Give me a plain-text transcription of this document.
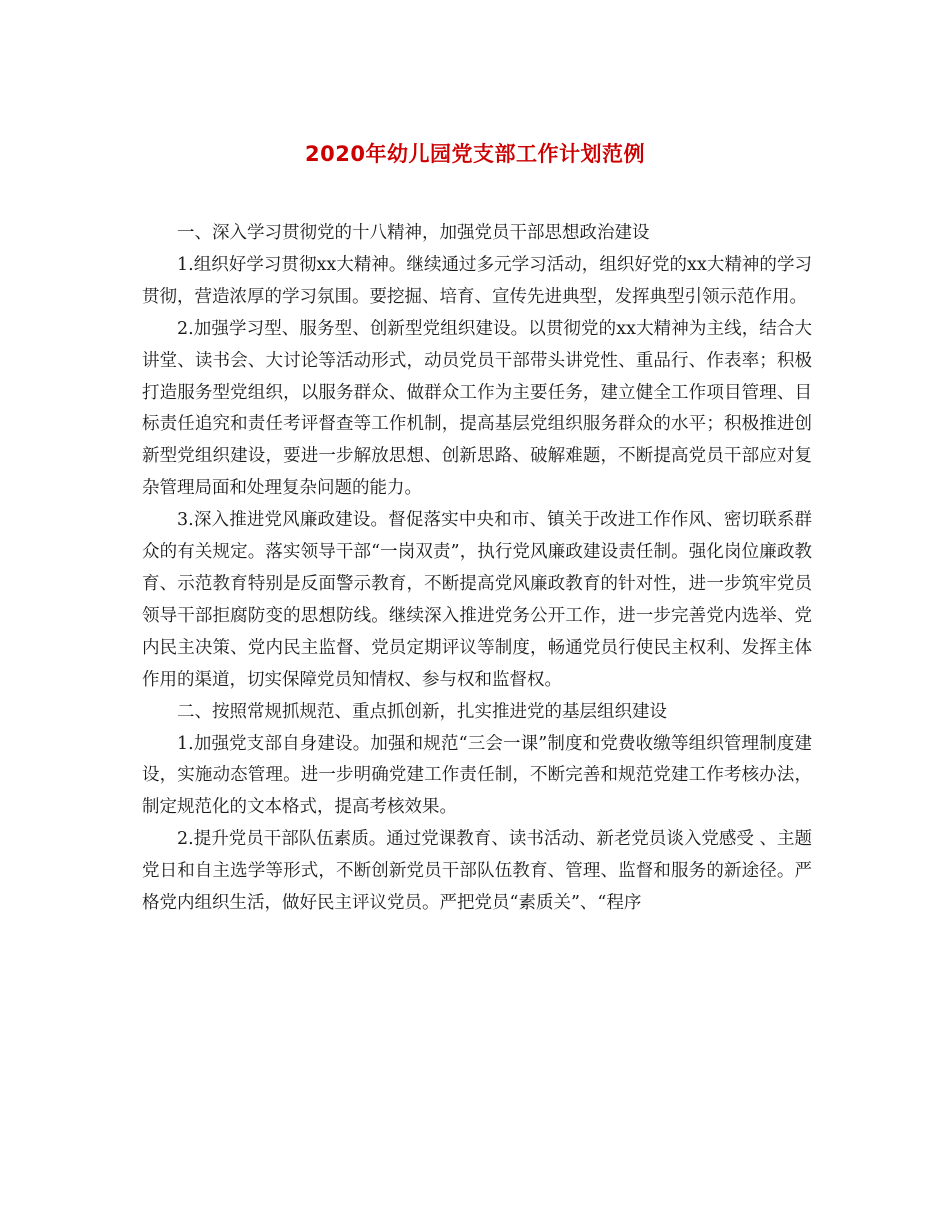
2020年幼儿园党支部工作计划范例

一、深入学习贯彻党的十八精神，加强党员干部思想政治建设

1.组织好学习贯彻xx大精神。继续通过多元学习活动，组织好党的xx大精神的学习贯彻，营造浓厚的学习氛围。要挖掘、培育、宣传先进典型，发挥典型引领示范作用。

2.加强学习型、服务型、创新型党组织建设。以贯彻党的xx大精神为主线，结合大讲堂、读书会、大讨论等活动形式，动员党员干部带头讲党性、重品行、作表率；积极打造服务型党组织，以服务群众、做群众工作为主要任务，建立健全工作项目管理、目标责任追究和责任考评督查等工作机制，提高基层党组织服务群众的水平；积极推进创新型党组织建设，要进一步解放思想、创新思路、破解难题，不断提高党员干部应对复杂管理局面和处理复杂问题的能力。

3.深入推进党风廉政建设。督促落实中央和市、镇关于改进工作作风、密切联系群众的有关规定。落实领导干部“一岗双责”，执行党风廉政建设责任制。强化岗位廉政教育、示范教育特别是反面警示教育，不断提高党风廉政教育的针对性，进一步筑牢党员领导干部拒腐防变的思想防线。继续深入推进党务公开工作，进一步完善党内选举、党内民主决策、党内民主监督、党员定期评议等制度，畅通党员行使民主权利、发挥主体作用的渠道，切实保障党员知情权、参与权和监督权。

二、按照常规抓规范、重点抓创新，扎实推进党的基层组织建设

1.加强党支部自身建设。加强和规范“三会一课”制度和党费收缴等组织管理制度建设，实施动态管理。进一步明确党建工作责任制，不断完善和规范党建工作考核办法，制定规范化的文本格式，提高考核效果。

2.提升党员干部队伍素质。通过党课教育、读书活动、新老党员谈入党感受 、主题党日和自主选学等形式，不断创新党员干部队伍教育、管理、监督和服务的新途径。严格党内组织生活，做好民主评议党员。严把党员“素质关”、“程序
